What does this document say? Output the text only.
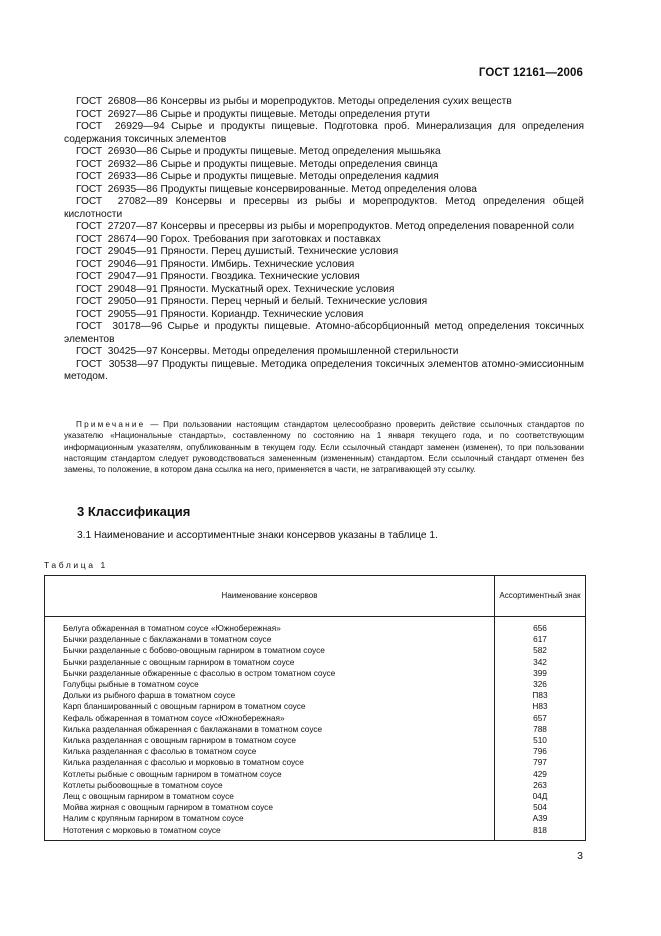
ГОСТ 12161—2006

ГОСТ 26808—86 Консервы из рыбы и морепродуктов. Методы определения сухих веществ

ГОСТ 26927—86 Сырье и продукты пищевые. Методы определения ртути

ГОСТ 26929—94 Сырье и продукты пищевые. Подготовка проб. Минерализация для определения содержания токсичных элементов

ГОСТ 26930—86 Сырье и продукты пищевые. Метод определения мышьяка

ГОСТ 26932—86 Сырье и продукты пищевые. Методы определения свинца

ГОСТ 26933—86 Сырье и продукты пищевые. Методы определения кадмия

ГОСТ 26935—86 Продукты пищевые консервированные. Метод определения олова

ГОСТ 27082—89 Консервы и пресервы из рыбы и морепродуктов. Метод определения общей кислотности

ГОСТ 27207—87 Консервы и пресервы из рыбы и морепродуктов. Метод определения поваренной соли

ГОСТ 28674—90 Горох. Требования при заготовках и поставках

ГОСТ 29045—91 Пряности. Перец душистый. Технические условия

ГОСТ 29046—91 Пряности. Имбирь. Технические условия

ГОСТ 29047—91 Пряности. Гвоздика. Технические условия

ГОСТ 29048—91 Пряности. Мускатный орех. Технические условия

ГОСТ 29050—91 Пряности. Перец черный и белый. Технические условия

ГОСТ 29055—91 Пряности. Кориандр. Технические условия

ГОСТ 30178—96 Сырье и продукты пищевые. Атомно-абсорбционный метод определения токсичных элементов

ГОСТ 30425—97 Консервы. Методы определения промышленной стерильности

ГОСТ 30538—97 Продукты пищевые. Методика определения токсичных элементов атомно-эмиссионным методом.

Примечание — При пользовании настоящим стандартом целесообразно проверить действие ссылочных стандартов по указателю «Национальные стандарты», составленному по состоянию на 1 января текущего года, и по соответствующим информационным указателям, опубликованным в текущем году. Если ссылочный стандарт заменен (изменен), то при пользовании настоящим стандартом следует руководствоваться замененным (измененным) стандартом. Если ссылочный стандарт отменен без замены, то положение, в котором дана ссылка на него, применяется в части, не затрагивающей эту ссылку.
3 Классификация
3.1 Наименование и ассортиментные знаки консервов указаны в таблице 1.
Таблица 1
Наименование консервов	Ассортиментный знак
Белуга обжаренная в томатном соусе «Южнобережная»	656
Бычки разделанные с баклажанами в томатном соусе	617
Бычки разделанные с бобово-овощным гарниром в томатном соусе	582
Бычки разделанные с овощным гарниром в томатном соусе	342
Бычки разделанные обжаренные с фасолью в остром томатном соусе	399
Голубцы рыбные в томатном соусе	326
Дольки из рыбного фарша в томатном соусе	П83
Карп бланшированный с овощным гарниром в томатном соусе	Н83
Кефаль обжаренная в томатном соусе «Южнобережная»	657
Килька разделанная обжаренная с баклажанами в томатном соусе	788
Килька разделанная с овощным гарниром в томатном соусе	510
Килька разделанная с фасолью в томатном соусе	796
Килька разделанная с фасолью и морковью в томатном соусе	797
Котлеты рыбные с овощным гарниром в томатном соусе	429
Котлеты рыбоовощные в томатном соусе	263
Лещ с овощным гарниром в томатном соусе	04Д
Мойва жирная с овощным гарниром в томатном соусе	504
Налим с крупяным гарниром в томатном соусе	А39
Нототения с морковью в томатном соусе	818
3
